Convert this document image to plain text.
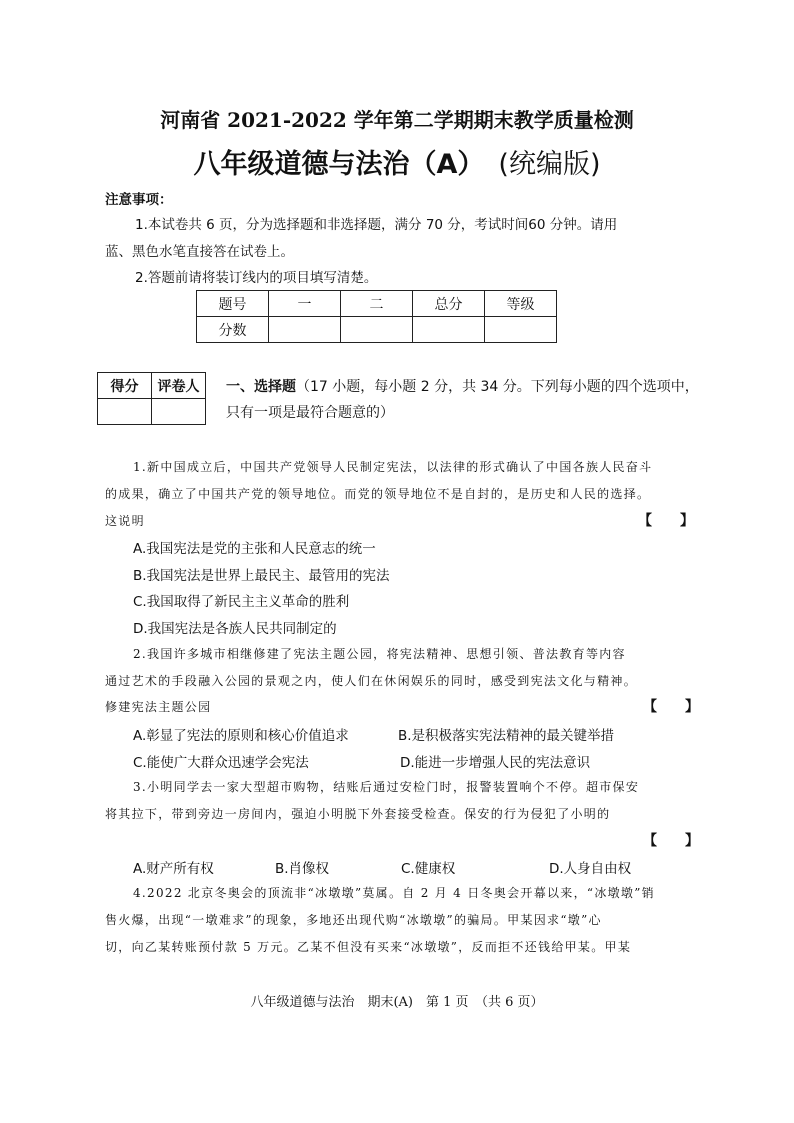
河南省 2021-2022 学年第二学期期末教学质量检测
八年级道德与法治（A） (统编版)
注意事项：
1.本试卷共 6 页，分为选择题和非选择题，满分 70 分，考试时间60 分钟。请用
蓝、黑色水笔直接答在试卷上。
2.答题前请将装订线内的项目填写清楚。
题号	一	二	总分	等级
分数				
得分	评卷人
	一、选择题（17 小题，每小题 2 分，共 34 分。下列每小题的四个选项中，
只有一项是最符合题意的）
1.新中国成立后，中国共产党领导人民制定宪法，以法律的形式确认了中国各族人民奋斗
的成果，确立了中国共产党的领导地位。而党的领导地位不是自封的，是历史和人民的选择。
这说明	【　　】
A.我国宪法是党的主张和人民意志的统一
B.我国宪法是世界上最民主、最管用的宪法
C.我国取得了新民主主义革命的胜利
D.我国宪法是各族人民共同制定的
2.我国许多城市相继修建了宪法主题公园，将宪法精神、思想引领、普法教育等内容
通过艺术的手段融入公园的景观之内，使人们在休闲娱乐的同时，感受到宪法文化与精神。
修建宪法主题公园	【　　】
A.彰显了宪法的原则和核心价值追求	B.是积极落实宪法精神的最关键举措
C.能使广大群众迅速学会宪法	D.能进一步增强人民的宪法意识
3.小明同学去一家大型超市购物，结账后通过安检门时，报警装置响个不停。超市保安
将其拉下，带到旁边一房间内，强迫小明脱下外套接受检查。保安的行为侵犯了小明的
【　　】
A.财产所有权	B.肖像权	C.健康权	D.人身自由权
4.2022 北京冬奥会的顶流非“冰墩墩”莫属。自 2 月 4 日冬奥会开幕以来，“冰墩墩”销
售火爆，出现“一墩难求”的现象，多地还出现代购“冰墩墩”的骗局。甲某因求“墩”心
切，向乙某转账预付款 5 万元。乙某不但没有买来“冰墩墩”，反而拒不还钱给甲某。甲某
八年级道德与法治　期末(A)　第 1 页　（共 6 页）
